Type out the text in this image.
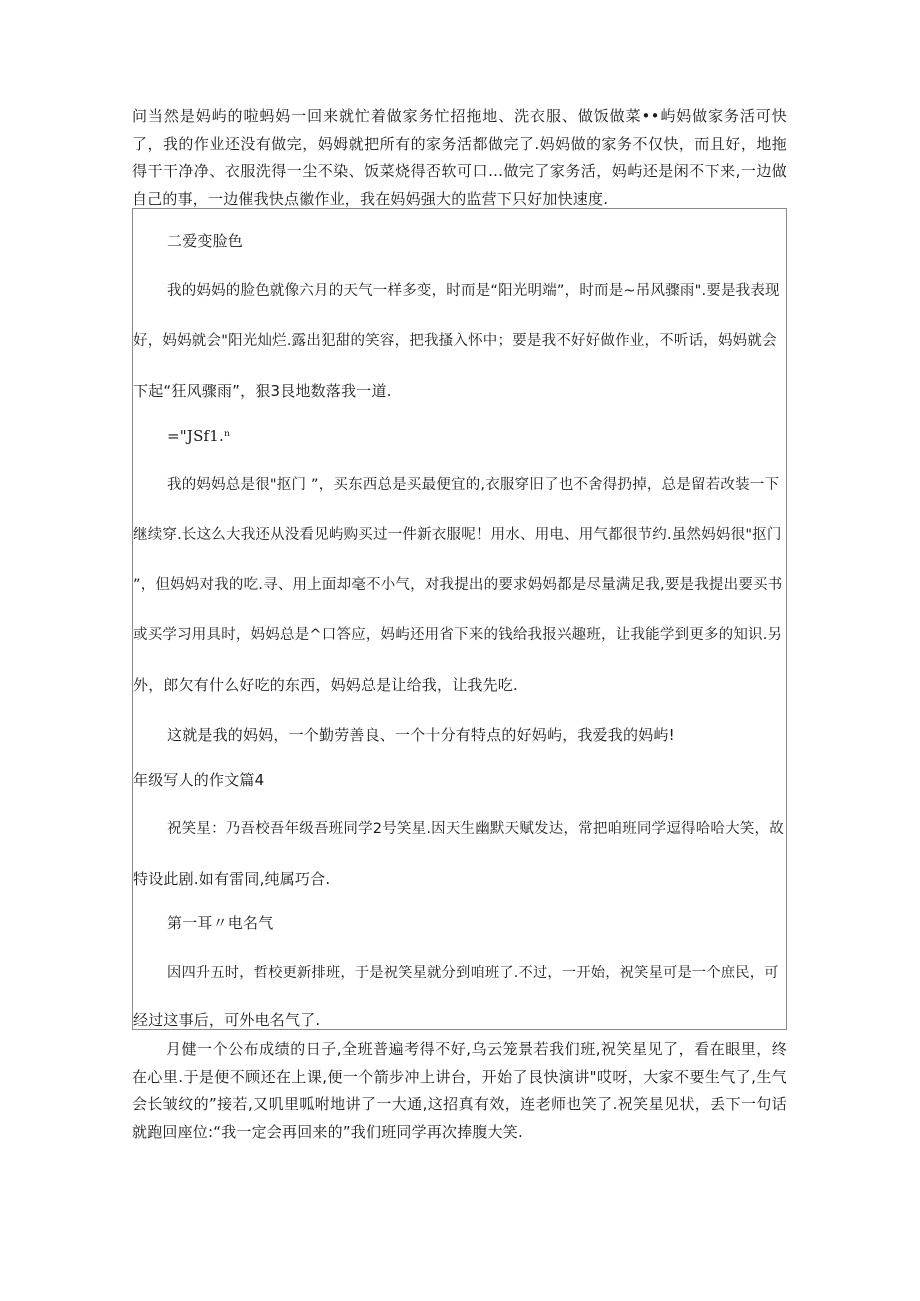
问当然是妈屿的啦蚂妈一回来就忙着做家务忙招拖地、洗衣服、做饭做菜••屿妈做家务活可快了，我的作业还没有做完，妈姆就把所有的家务活都做完了.妈妈做的家务不仅快，而且好，地拖得干干净净、衣服洗得一尘不染、饭菜烧得否软可口…做完了家务活，妈屿还是闲不下来,一边做自己的事，一边催我快点徽作业，我在妈妈强大的监营下只好加快速度.

二爱变脸色

我的妈妈的脸色就像六月的天气一样多变，时而是“阳光明端”，时而是~吊风骤雨".要是我表现

好，妈妈就会"阳光灿烂.露出犯甜的笑容，把我搔入怀中；要是我不好好做作业，不听话，妈妈就会

下起“狂风骤雨”，狠3艮地数落我一道.

="JSf1.ⁿ

我的妈妈总是很"抠门 ”，买东西总是买最便宜的,衣服穿旧了也不舍得扔掉，总是留若改装一下

继续穿.长这么大我还从没看见屿购买过一件新衣服呢！用水、用电、用气都很节约.虽然妈妈很"抠门

”，但妈妈对我的吃.寻、用上面却毫不小气，对我提出的要求妈妈都是尽量满足我,要是我提出要买书

或买学习用具时，妈妈总是^口答应，妈屿还用省下来的钱给我报兴趣班，让我能学到更多的知识.另

外，郎欠有什么好吃的东西，妈妈总是让给我，让我先吃.

这就是我的妈妈，一个勤劳善良、一个十分有特点的好妈屿，我爱我的妈屿!

年级写人的作文篇4

祝笑星：乃吾校吾年级吾班同学2号笑星.因天生幽默天赋发达，常把咱班同学逗得哈哈大笑，故

特设此剧.如有雷同,纯属巧合.

第一耳〃电名气

因四升五时，哲校更新排班，于是祝笑星就分到咱班了.不过，一开始，祝笑星可是一个庶民，可

经过这事后，可外电名气了.

月健一个公布成绩的日子,全班普遍考得不好,乌云笼景若我们班,祝笑星见了，看在眼里，终在心里.于是便不顾还在上课,便一个箭步冲上讲台，开始了艮快演讲"哎呀，大家不要生气了,生气会长皱纹的”接若,又叽里呱咐地讲了一大通,这招真有效，连老师也笑了.祝笑星见状，丢下一句话就跑回座位:“我一定会再回来的”我们班同学再次捧腹大笑.
